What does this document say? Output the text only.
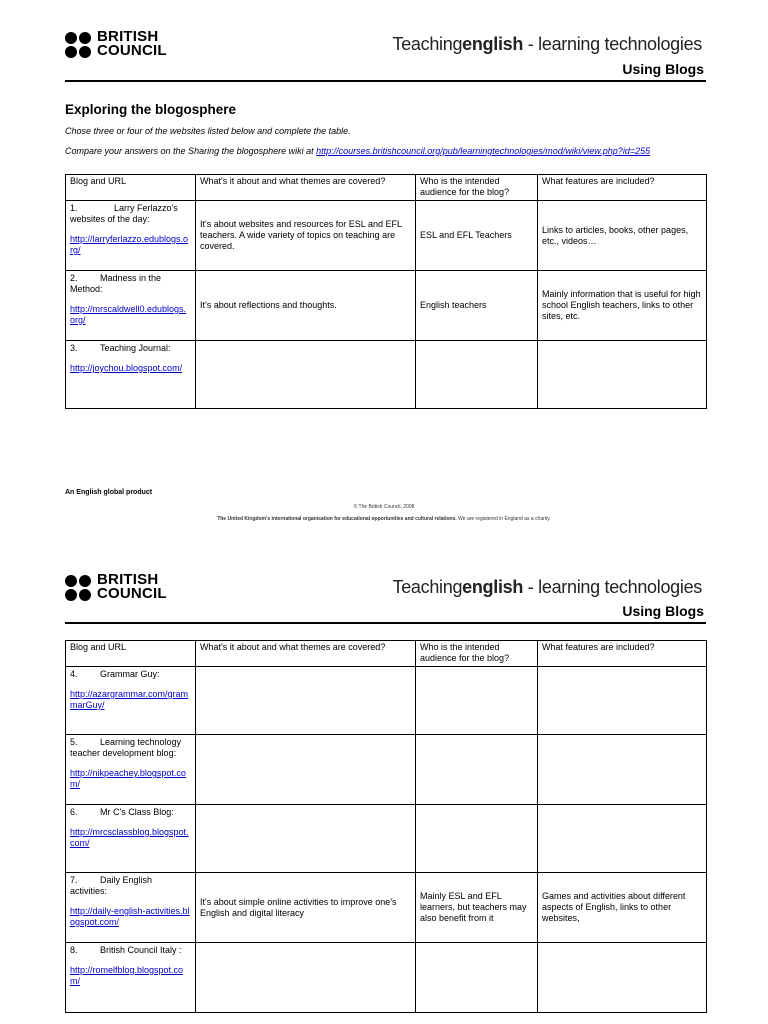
BRITISH
COUNCIL	Teachingenglish - learning technologies
Using Blogs
Exploring the blogosphere
Chose three or four of the websites listed below and complete the table.
Compare your answers on the Sharing the blogosphere wiki at http://courses.britishcouncil.org/pub/learningtechnologies/mod/wiki/view.php?id=255
Blog and URL	What's it about and what themes are covered?	Who is the intended audience for the blog?	What features are included?
1. Larry Ferlazzo's websites of the day:
http://larryferlazzo.edublogs.org/	It's about websites and resources for ESL and EFL teachers. A wide variety of topics on teaching are covered.	ESL and EFL Teachers	Links to articles, books, other pages, etc., videos…
2. Madness in the Method:
http://mrscaldwell0.edublogs.org/	It's about reflections and thoughts.	English teachers	Mainly information that is useful for high school English teachers, links to other sites, etc.
3. Teaching Journal:
http://joychou.blogspot.com/			

An English global product
© The British Council, 2008
The United Kingdom's international organisation for educational opportunities and cultural relations. We are registered in England as a charity.
BRITISH
COUNCIL	Teachingenglish - learning technologies
Using Blogs
Blog and URL	What's it about and what themes are covered?	Who is the intended audience for the blog?	What features are included?
4. Grammar Guy:
http://azargrammar.com/grammarGuy/			

5. Learning technology teacher development blog:
http://nikpeachey.blogspot.com/			

6. Mr C's Class Blog:
http://mrcsclassblog.blogspot.com/			

7. Daily English activities:
http://daily-english-activities.blogspot.com/	It's about simple online activities to improve one's English and digital literacy	Mainly ESL and EFL learners, but teachers may also benefit from it	Games and activities about different aspects of English, links to other websites,
8. British Council Italy :
http://romelfblog.blogspot.com/			
